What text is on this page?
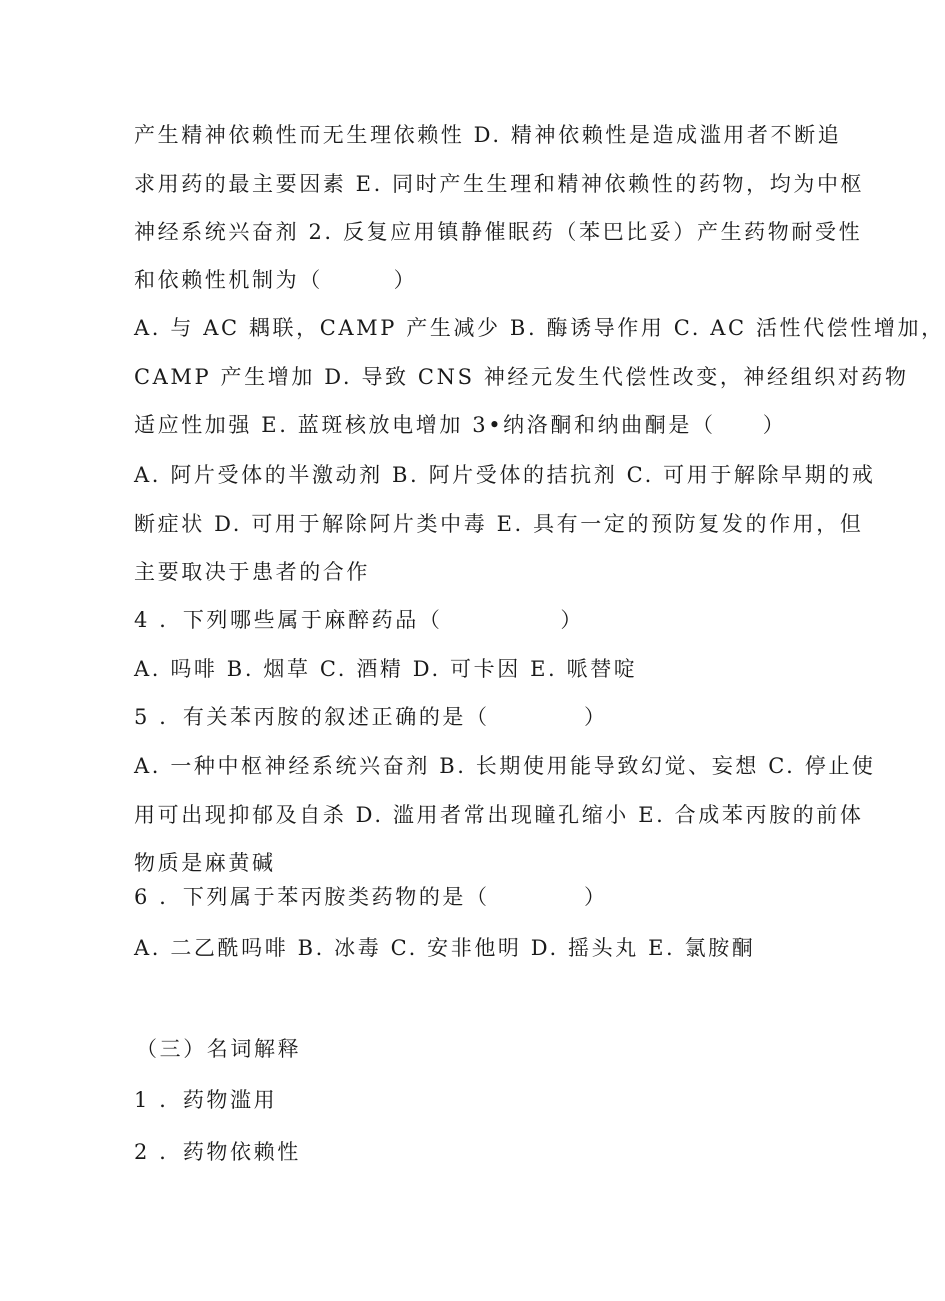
产生精神依赖性而无生理依赖性 D. 精神依赖性是造成滥用者不断追
求用药的最主要因素 E. 同时产生生理和精神依赖性的药物，均为中枢
神经系统兴奋剂 2. 反复应用镇静催眠药（苯巴比妥）产生药物耐受性
和依赖性机制为（　　　）
A. 与 AC 耦联，CAMP 产生减少 B. 酶诱导作用 C. AC 活性代偿性增加，
CAMP 产生增加 D. 导致 CNS 神经元发生代偿性改变，神经组织对药物
适应性加强 E. 蓝斑核放电增加 3•纳洛酮和纳曲酮是（　　）
A. 阿片受体的半激动剂 B. 阿片受体的拮抗剂 C. 可用于解除早期的戒
断症状 D. 可用于解除阿片类中毒 E. 具有一定的预防复发的作用，但
主要取决于患者的合作
4 ．下列哪些属于麻醉药品（　　　　　）
A. 吗啡 B. 烟草 C. 酒精 D. 可卡因 E. 哌替啶
5 ．有关苯丙胺的叙述正确的是（　　　　）
A. 一种中枢神经系统兴奋剂 B. 长期使用能导致幻觉、妄想 C. 停止使
用可出现抑郁及自杀 D. 滥用者常出现瞳孔缩小 E. 合成苯丙胺的前体
物质是麻黄碱
6 ．下列属于苯丙胺类药物的是（　　　　）
A. 二乙酰吗啡 B. 冰毒 C. 安非他明 D. 摇头丸 E. 氯胺酮
（三）名词解释
1 ．药物滥用
2 ．药物依赖性
